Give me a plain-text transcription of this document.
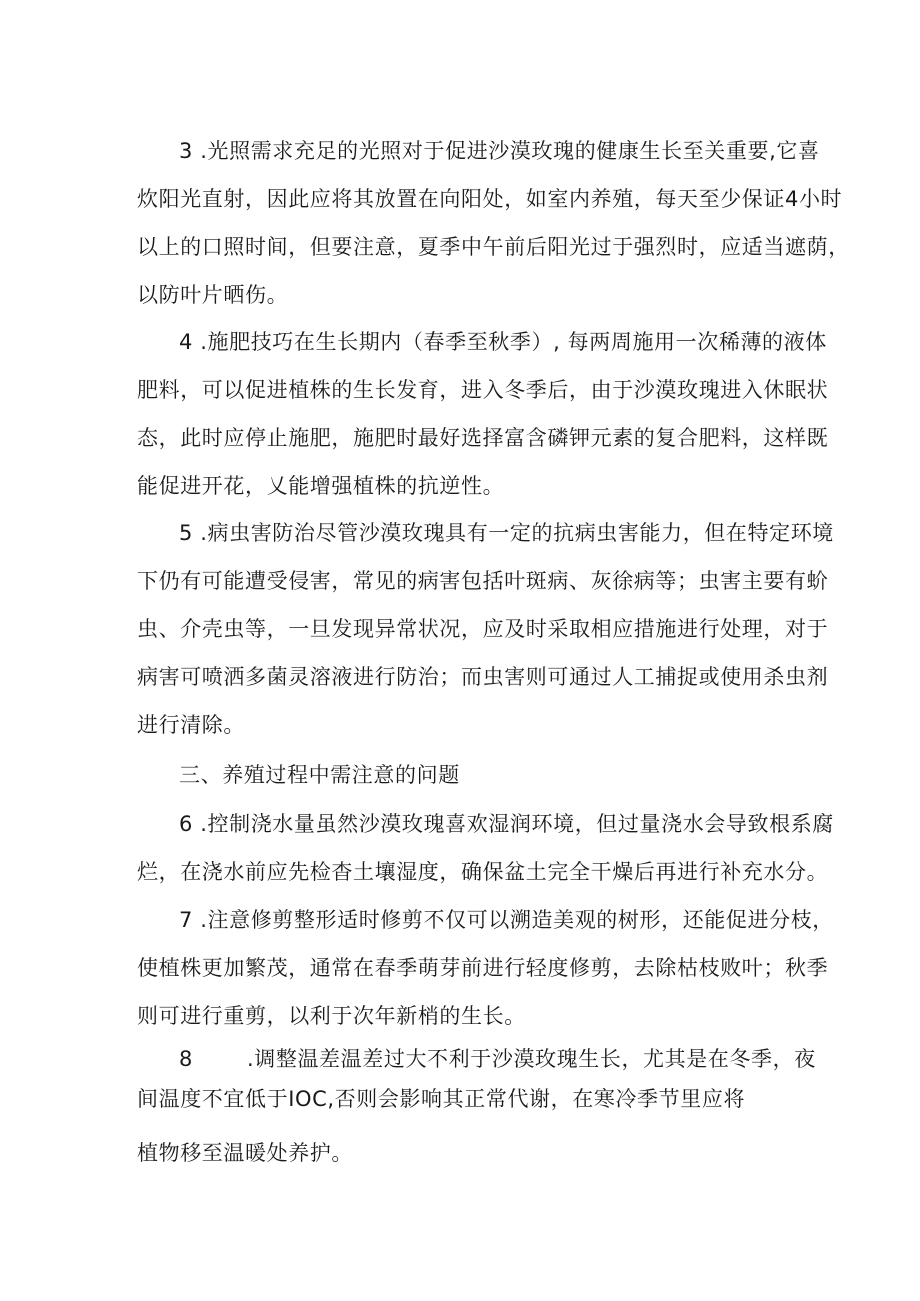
3 .光照需求充足的光照对于促进沙漠玫瑰的健康生长至关重要,它喜
炊阳光直射，因此应将其放置在向阳处，如室内养殖，每天至少保证4小时
以上的口照时间，但要注意，夏季中午前后阳光过于强烈时，应适当遮荫，
以防叶片晒伤。

4 .施肥技巧在生长期内（春季至秋季）, 每两周施用一次稀薄的液体
肥料，可以促进植株的生长发育，进入冬季后，由于沙漠玫瑰进入休眠状
态，此时应停止施肥，施肥时最好选择富含磷钾元素的复合肥料，这样既
能促进开花，乂能增强植株的抗逆性。

5 .病虫害防治尽管沙漠玫瑰具有一定的抗病虫害能力，但在特定环境
下仍有可能遭受侵害，常见的病害包括叶斑病、灰徐病等；虫害主要有蚧
虫、介壳虫等，一旦发现异常状况，应及时采取相应措施进行处理，对于
病害可喷洒多菌灵溶液进行防治；而虫害则可通过人工捕捉或使用杀虫剂
进行清除。

三、养殖过程中需注意的问题

6 .控制浇水量虽然沙漠玫瑰喜欢湿润环境，但过量浇水会导致根系腐
烂，在浇水前应先检杳土壤湿度，确保盆土完全干燥后再进行补充水分。

7 .注意修剪整形适时修剪不仅可以溯造美观的树形，还能促进分枝，
使植株更加繁茂，通常在春季萌芽前进行轻度修剪，去除枯枝败叶；秋季
则可进行重剪，以利于次年新梢的生长。

8	.调整温差温差过大不利于沙漠玫瑰生长，尤其是在冬季，夜
间温度不宜低于IOC,否则会影响其正常代谢，在寒冷季节里应将
植物移至温暖处养护。
